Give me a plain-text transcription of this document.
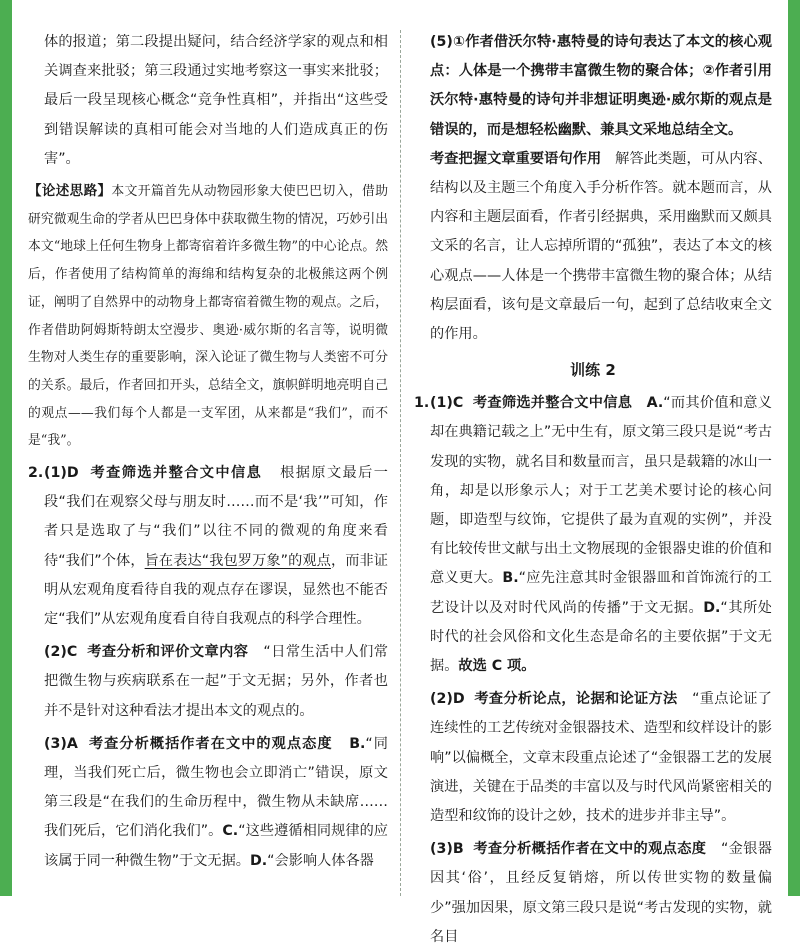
体的报道；第二段提出疑问，结合经济学家的观点和相关调查来批驳；第三段通过实地考察这一事实来批驳；最后一段呈现核心概念“竞争性真相”，并指出“这些受到错误解读的真相可能会对当地的人们造成真正的伤害”。

【论述思路】本文开篇首先从动物园形象大使巴巴切入，借助研究微观生命的学者从巴巴身体中获取微生物的情况，巧妙引出本文“地球上任何生物身上都寄宿着许多微生物”的中心论点。然后，作者使用了结构简单的海绵和结构复杂的北极熊这两个例证，阐明了自然界中的动物身上都寄宿着微生物的观点。之后，作者借助阿姆斯特朗太空漫步、奥逊·威尔斯的名言等，说明微生物对人类生存的重要影响，深入论证了微生物与人类密不可分的关系。最后，作者回扣开头，总结全文，旗帜鲜明地亮明自己的观点——我们每个人都是一支军团，从来都是“我们”，而不是“我”。

2. (1)D 考查筛选并整合文中信息 根据原文最后一段“我们在观察父母与朋友时……而不是‘我’”可知，作者只是选取了与“我们”以往不同的微观的角度来看待“我们”个体，旨在表达“我包罗万象”的观点，而非证明从宏观角度看待自我的观点存在谬误，显然也不能否定“我们”从宏观角度看自待自我观点的科学合理性。

(2)C 考查分析和评价文章内容 “日常生活中人们常把微生物与疾病联系在一起”于文无据；另外，作者也并不是针对这种看法才提出本文的观点的。

(3)A 考查分析概括作者在文中的观点态度 B.“同理，当我们死亡后，微生物也会立即消亡”错误，原文第三段是“在我们的生命历程中，微生物从未缺席……我们死后，它们消化我们”。C.“这些遵循相同规律的应该属于同一种微生物”于文无据。D.“会影响人体各器

(5)①作者借沃尔特·惠特曼的诗句表达了本文的核心观点：人体是一个携带丰富微生物的聚合体；②作者引用沃尔特·惠特曼的诗句并非想证明奥逊·威尔斯的观点是错误的，而是想轻松幽默、兼具文采地总结全文。

考查把握文章重要语句作用 解答此类题，可从内容、结构以及主题三个角度入手分析作答。就本题而言，从内容和主题层面看，作者引经据典，采用幽默而又颇具文采的名言，让人忘掉所谓的“孤独”，表达了本文的核心观点——人体是一个携带丰富微生物的聚合体；从结构层面看，该句是文章最后一句，起到了总结收束全文的作用。

训练 2
1. (1)C 考查筛选并整合文中信息 A.“而其价值和意义却在典籍记载之上”无中生有，原文第三段只是说“考古发现的实物，就名目和数量而言，虽只是载籍的冰山一角，却是以形象示人；对于工艺美术要讨论的核心问题，即造型与纹饰，它提供了最为直观的实例”，并没有比较传世文献与出土文物展现的金银器史谁的价值和意义更大。B.“应先注意其时金银器皿和首饰流行的工艺设计以及对时代风尚的传播”于文无据。D.“其所处时代的社会风俗和文化生态是命名的主要依据”于文无据。故选 C 项。

(2)D 考查分析论点，论据和论证方法 “重点论证了连续性的工艺传统对金银器技术、造型和纹样设计的影响”以偏概全，文章末段重点论述了“金银器工艺的发展演进，关键在于品类的丰富以及与时代风尚紧密相关的造型和纹饰的设计之妙，技术的进步并非主导”。

(3)B 考查分析概括作者在文中的观点态度 “金银器因其‘俗’，且经反复销熔，所以传世实物的数量偏少”强加因果，原文第三段只是说“考古发现的实物，就名目
